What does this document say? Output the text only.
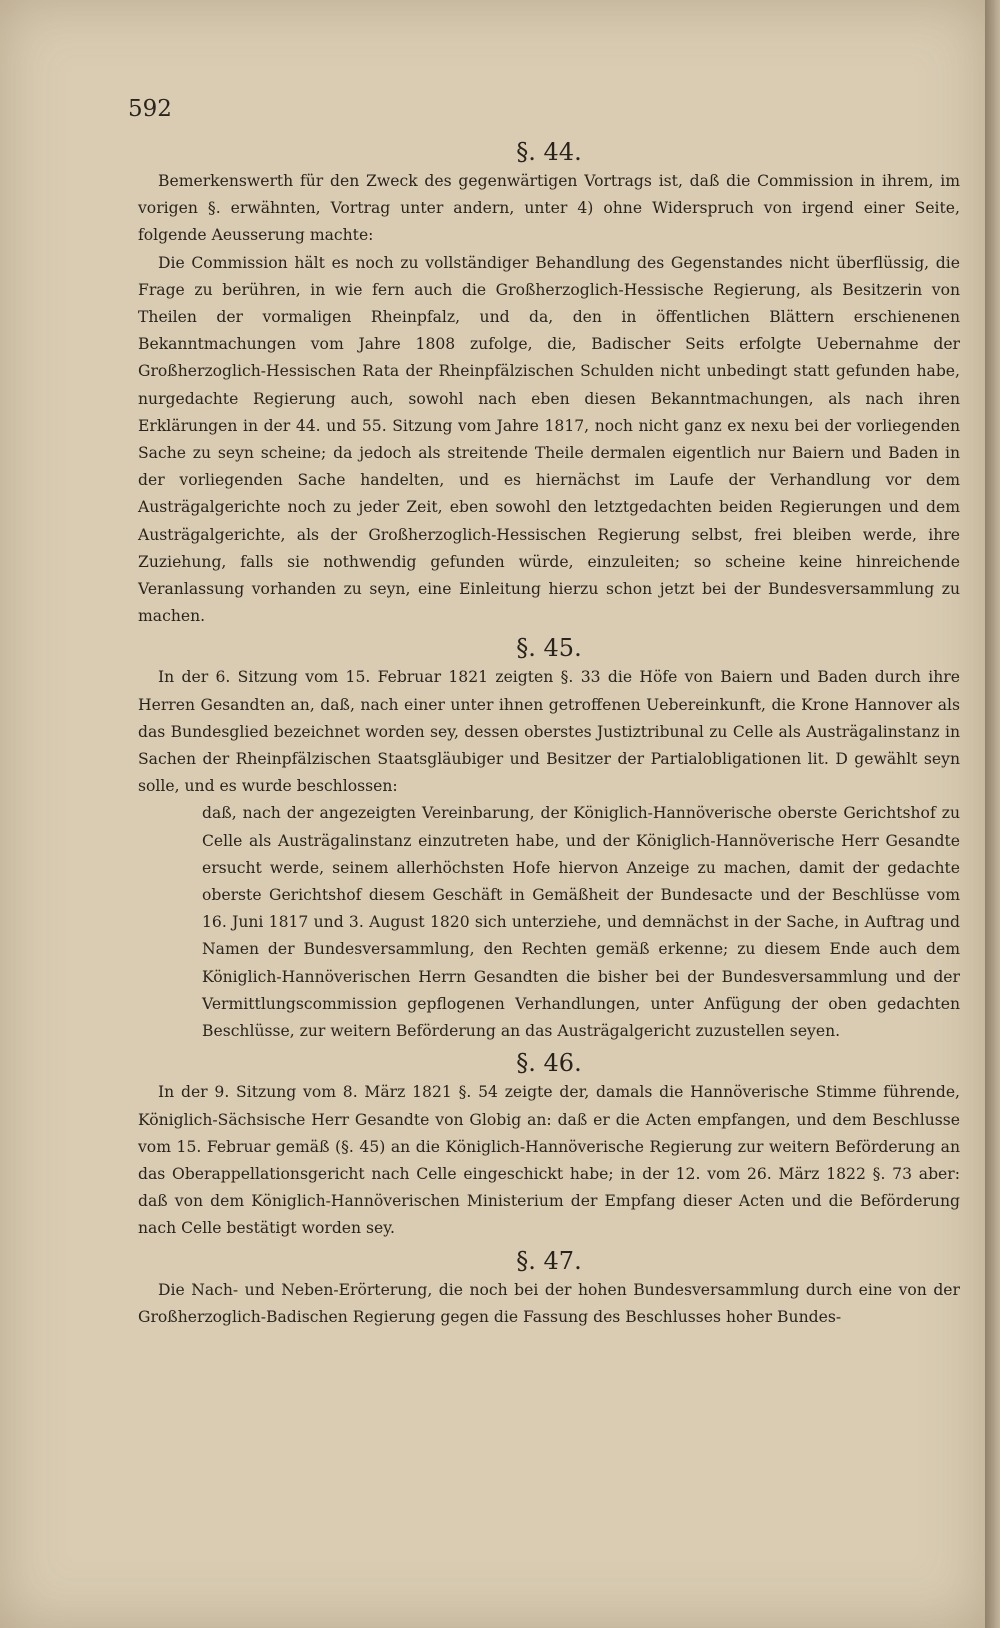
592
§. 44.

Bemerkenswerth für den Zweck des gegenwärtigen Vortrags ist, daß die Commission in ihrem, im vorigen §. erwähnten, Vortrag unter andern, unter 4) ohne Widerspruch von irgend einer Seite, folgende Aeusserung machte:

Die Commission hält es noch zu vollständiger Behandlung des Gegenstandes nicht überflüssig, die Frage zu berühren, in wie fern auch die Großherzoglich-Hessische Regierung, als Besitzerin von Theilen der vormaligen Rheinpfalz, und da, den in öffentlichen Blättern erschienenen Bekanntmachungen vom Jahre 1808 zufolge, die, Badischer Seits erfolgte Uebernahme der Großherzoglich-Hessischen Rata der Rheinpfälzischen Schulden nicht unbedingt statt gefunden habe, nurgedachte Regierung auch, sowohl nach eben diesen Bekanntmachungen, als nach ihren Erklärungen in der 44. und 55. Sitzung vom Jahre 1817, noch nicht ganz ex nexu bei der vorliegenden Sache zu seyn scheine; da jedoch als streitende Theile dermalen eigentlich nur Baiern und Baden in der vorliegenden Sache handelten, und es hiernächst im Laufe der Verhandlung vor dem Austrägalgerichte noch zu jeder Zeit, eben sowohl den letztgedachten beiden Regierungen und dem Austrägalgerichte, als der Großherzoglich-Hessischen Regierung selbst, frei bleiben werde, ihre Zuziehung, falls sie nothwendig gefunden würde, einzuleiten; so scheine keine hinreichende Veranlassung vorhanden zu seyn, eine Einleitung hierzu schon jetzt bei der Bundesversammlung zu machen.

§. 45.

In der 6. Sitzung vom 15. Februar 1821 zeigten §. 33 die Höfe von Baiern und Baden durch ihre Herren Gesandten an, daß, nach einer unter ihnen getroffenen Uebereinkunft, die Krone Hannover als das Bundesglied bezeichnet worden sey, dessen oberstes Justiztribunal zu Celle als Austrägalinstanz in Sachen der Rheinpfälzischen Staatsgläubiger und Besitzer der Partialobligationen lit. D gewählt seyn solle, und es wurde beschlossen:

daß, nach der angezeigten Vereinbarung, der Königlich-Hannöverische oberste Gerichtshof zu Celle als Austrägalinstanz einzutreten habe, und der Königlich-Hannöverische Herr Gesandte ersucht werde, seinem allerhöchsten Hofe hiervon Anzeige zu machen, damit der gedachte oberste Gerichtshof diesem Geschäft in Gemäßheit der Bundesacte und der Beschlüsse vom 16. Juni 1817 und 3. August 1820 sich unterziehe, und demnächst in der Sache, in Auftrag und Namen der Bundesversammlung, den Rechten gemäß erkenne; zu diesem Ende auch dem Königlich-Hannöverischen Herrn Gesandten die bisher bei der Bundesversammlung und der Vermittlungscommission gepflogenen Verhandlungen, unter Anfügung der oben gedachten Beschlüsse, zur weitern Beförderung an das Austrägalgericht zuzustellen seyen.

§. 46.

In der 9. Sitzung vom 8. März 1821 §. 54 zeigte der, damals die Hannöverische Stimme führende, Königlich-Sächsische Herr Gesandte von Globig an: daß er die Acten empfangen, und dem Beschlusse vom 15. Februar gemäß (§. 45) an die Königlich-Hannöverische Regierung zur weitern Beförderung an das Oberappellationsgericht nach Celle eingeschickt habe; in der 12. vom 26. März 1822 §. 73 aber: daß von dem Königlich-Hannöverischen Ministerium der Empfang dieser Acten und die Beförderung nach Celle bestätigt worden sey.

§. 47.

Die Nach- und Neben-Erörterung, die noch bei der hohen Bundesversammlung durch eine von der Großherzoglich-Badischen Regierung gegen die Fassung des Beschlusses hoher Bundes-
